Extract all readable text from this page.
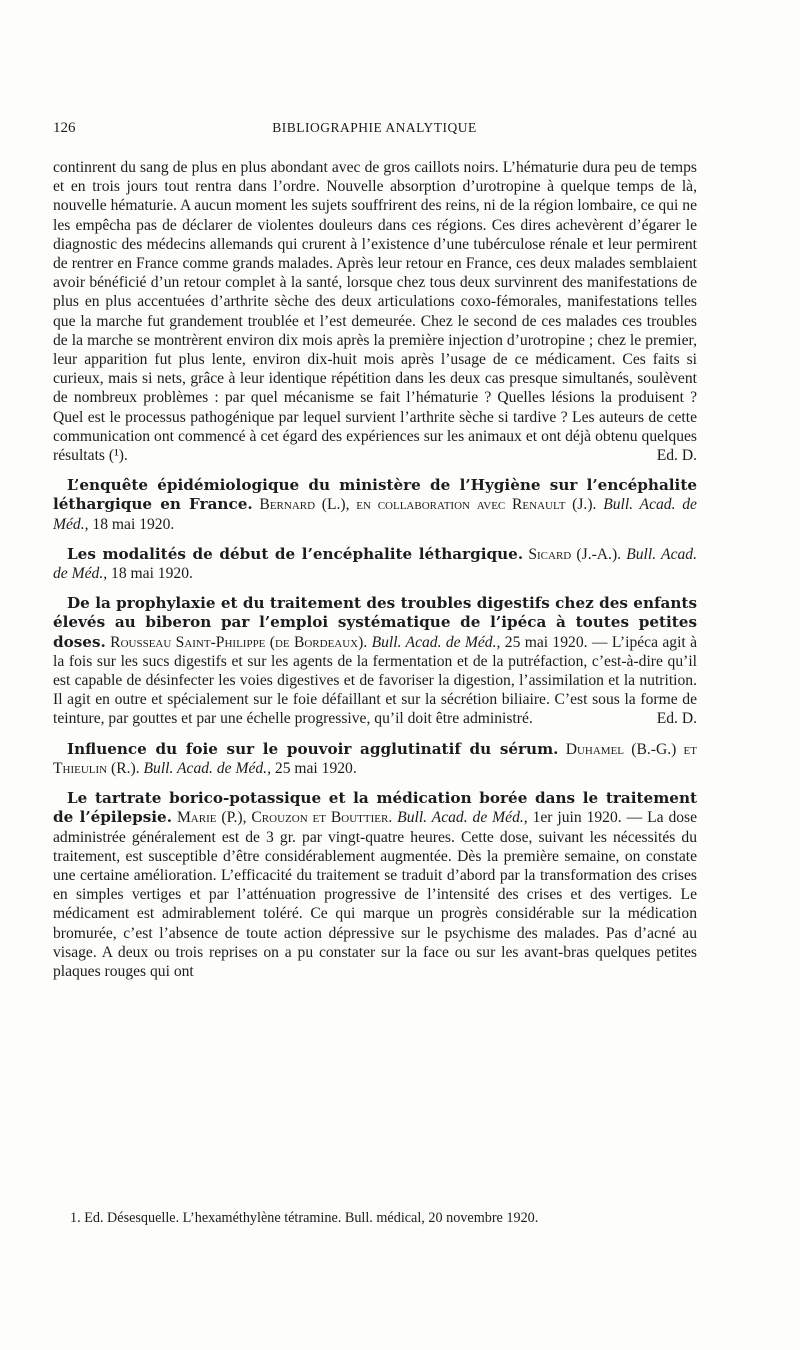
126	BIBLIOGRAPHIE ANALYTIQUE

continrent du sang de plus en plus abondant avec de gros caillots noirs. L’hématurie dura peu de temps et en trois jours tout rentra dans l’ordre. Nouvelle absorption d’urotropine à quelque temps de là, nouvelle hématurie. A aucun moment les sujets souffrirent des reins, ni de la région lombaire, ce qui ne les empêcha pas de déclarer de violentes douleurs dans ces régions. Ces dires achevèrent d’égarer le diagnostic des médecins allemands qui crurent à l’existence d’une tubérculose rénale et leur permirent de rentrer en France comme grands malades. Après leur retour en France, ces deux malades semblaient avoir bénéficié d’un retour complet à la santé, lorsque chez tous deux survinrent des manifestations de plus en plus accentuées d’arthrite sèche des deux articulations coxo-fémorales, manifestations telles que la marche fut grandement troublée et l’est demeurée. Chez le second de ces malades ces troubles de la marche se montrèrent environ dix mois après la première injection d’urotropine ; chez le premier, leur apparition fut plus lente, environ dix-huit mois après l’usage de ce médicament. Ces faits si curieux, mais si nets, grâce à leur identique répétition dans les deux cas presque simultanés, soulèvent de nombreux problèmes : par quel mécanisme se fait l’hématurie ? Quelles lésions la produisent ? Quel est le processus pathogénique par lequel survient l’arthrite sèche si tardive ? Les auteurs de cette communication ont commencé à cet égard des expériences sur les animaux et ont déjà obtenu quelques résultats (¹).	Ed. D.

L’enquête épidémiologique du ministère de l’Hygiène sur l’encéphalite léthargique en France. Bernard (L.), en collaboration avec Renault (J.). Bull. Acad. de Méd., 18 mai 1920.

Les modalités de début de l’encéphalite léthargique. Sicard (J.-A.). Bull. Acad. de Méd., 18 mai 1920.

De la prophylaxie et du traitement des troubles digestifs chez des enfants élevés au biberon par l’emploi systématique de l’ipéca à toutes petites doses. Rousseau Saint-Philippe (de Bordeaux). Bull. Acad. de Méd., 25 mai 1920. — L’ipéca agit à la fois sur les sucs digestifs et sur les agents de la fermentation et de la putréfaction, c’est-à-dire qu’il est capable de désinfecter les voies digestives et de favoriser la digestion, l’assimilation et la nutrition. Il agit en outre et spécialement sur le foie défaillant et sur la sécrétion biliaire. C’est sous la forme de teinture, par gouttes et par une échelle progressive, qu’il doit être administré.	Ed. D.

Influence du foie sur le pouvoir agglutinatif du sérum. Duhamel (B.-G.) et Thieulin (R.). Bull. Acad. de Méd., 25 mai 1920.

Le tartrate borico-potassique et la médication borée dans le traitement de l’épilepsie. Marie (P.), Crouzon et Bouttier. Bull. Acad. de Méd., 1er juin 1920. — La dose administrée généralement est de 3 gr. par vingt-quatre heures. Cette dose, suivant les nécessités du traitement, est susceptible d’être considérablement augmentée. Dès la première semaine, on constate une certaine amélioration. L’efficacité du traitement se traduit d’abord par la transformation des crises en simples vertiges et par l’atténuation progressive de l’intensité des crises et des vertiges. Le médicament est admirablement toléré. Ce qui marque un progrès considérable sur la médication bromurée, c’est l’absence de toute action dépressive sur le psychisme des malades. Pas d’acné au visage. A deux ou trois reprises on a pu constater sur la face ou sur les avant-bras quelques petites plaques rouges qui ont

1. Ed. Désesquelle. L’hexaméthylène tétramine. Bull. médical, 20 novembre 1920.
